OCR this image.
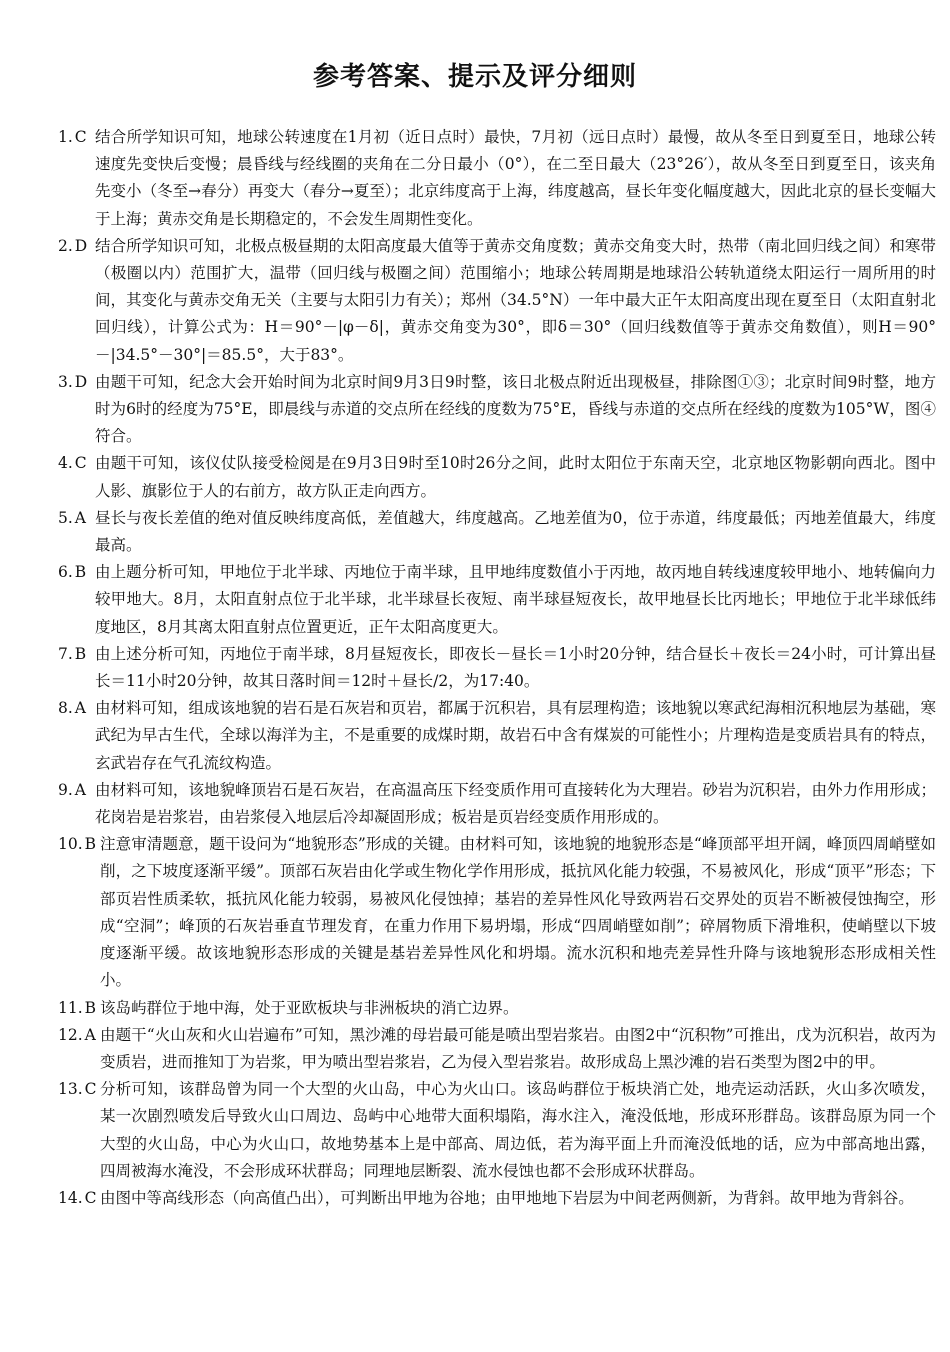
参考答案、提示及评分细则

1. C 结合所学知识可知，地球公转速度在1月初（近日点时）最快，7月初（远日点时）最慢，故从冬至日到夏至日，地球公转速度先变快后变慢；晨昏线与经线圈的夹角在二分日最小（0°），在二至日最大（23°26′），故从冬至日到夏至日，该夹角先变小（冬至→春分）再变大（春分→夏至）；北京纬度高于上海，纬度越高，昼长年变化幅度越大，因此北京的昼长变幅大于上海；黄赤交角是长期稳定的，不会发生周期性变化。

2. D 结合所学知识可知，北极点极昼期的太阳高度最大值等于黄赤交角度数；黄赤交角变大时，热带（南北回归线之间）和寒带（极圈以内）范围扩大，温带（回归线与极圈之间）范围缩小；地球公转周期是地球沿公转轨道绕太阳运行一周所用的时间，其变化与黄赤交角无关（主要与太阳引力有关）；郑州（34.5°N）一年中最大正午太阳高度出现在夏至日（太阳直射北回归线），计算公式为：H＝90°－|φ－δ|，黄赤交角变为30°，即δ＝30°（回归线数值等于黄赤交角数值），则H＝90°－|34.5°－30°|＝85.5°，大于83°。

3. D 由题干可知，纪念大会开始时间为北京时间9月3日9时整，该日北极点附近出现极昼，排除图①③；北京时间9时整，地方时为6时的经度为75°E，即晨线与赤道的交点所在经线的度数为75°E，昏线与赤道的交点所在经线的度数为105°W，图④符合。

4. C 由题干可知，该仪仗队接受检阅是在9月3日9时至10时26分之间，此时太阳位于东南天空，北京地区物影朝向西北。图中人影、旗影位于人的右前方，故方队正走向西方。

5. A 昼长与夜长差值的绝对值反映纬度高低，差值越大，纬度越高。乙地差值为0，位于赤道，纬度最低；丙地差值最大，纬度最高。

6. B 由上题分析可知，甲地位于北半球、丙地位于南半球，且甲地纬度数值小于丙地，故丙地自转线速度较甲地小、地转偏向力较甲地大。8月，太阳直射点位于北半球，北半球昼长夜短、南半球昼短夜长，故甲地昼长比丙地长；甲地位于北半球低纬度地区，8月其离太阳直射点位置更近，正午太阳高度更大。

7. B 由上述分析可知，丙地位于南半球，8月昼短夜长，即夜长－昼长＝1小时20分钟，结合昼长＋夜长＝24小时，可计算出昼长＝11小时20分钟，故其日落时间＝12时＋昼长/2，为17:40。

8. A 由材料可知，组成该地貌的岩石是石灰岩和页岩，都属于沉积岩，具有层理构造；该地貌以寒武纪海相沉积地层为基础，寒武纪为早古生代，全球以海洋为主，不是重要的成煤时期，故岩石中含有煤炭的可能性小；片理构造是变质岩具有的特点，玄武岩存在气孔流纹构造。

9. A 由材料可知，该地貌峰顶岩石是石灰岩，在高温高压下经变质作用可直接转化为大理岩。砂岩为沉积岩，由外力作用形成；花岗岩是岩浆岩，由岩浆侵入地层后冷却凝固形成；板岩是页岩经变质作用形成的。

10. B 注意审清题意，题干设问为“地貌形态”形成的关键。由材料可知，该地貌的地貌形态是“峰顶部平坦开阔，峰顶四周峭壁如削，之下坡度逐渐平缓”。顶部石灰岩由化学或生物化学作用形成，抵抗风化能力较强，不易被风化，形成“顶平”形态；下部页岩性质柔软，抵抗风化能力较弱，易被风化侵蚀掉；基岩的差异性风化导致两岩石交界处的页岩不断被侵蚀掏空，形成“空洞”；峰顶的石灰岩垂直节理发育，在重力作用下易坍塌，形成“四周峭壁如削”；碎屑物质下滑堆积，使峭壁以下坡度逐渐平缓。故该地貌形态形成的关键是基岩差异性风化和坍塌。流水沉积和地壳差异性升降与该地貌形态形成相关性小。

11. B 该岛屿群位于地中海，处于亚欧板块与非洲板块的消亡边界。

12. A 由题干“火山灰和火山岩遍布”可知，黑沙滩的母岩最可能是喷出型岩浆岩。由图2中“沉积物”可推出，戊为沉积岩，故丙为变质岩，进而推知丁为岩浆，甲为喷出型岩浆岩，乙为侵入型岩浆岩。故形成岛上黑沙滩的岩石类型为图2中的甲。

13. C 分析可知，该群岛曾为同一个大型的火山岛，中心为火山口。该岛屿群位于板块消亡处，地壳运动活跃，火山多次喷发，某一次剧烈喷发后导致火山口周边、岛屿中心地带大面积塌陷，海水注入，淹没低地，形成环形群岛。该群岛原为同一个大型的火山岛，中心为火山口，故地势基本上是中部高、周边低，若为海平面上升而淹没低地的话，应为中部高地出露，四周被海水淹没，不会形成环状群岛；同理地层断裂、流水侵蚀也都不会形成环状群岛。

14. C 由图中等高线形态（向高值凸出），可判断出甲地为谷地；由甲地地下岩层为中间老两侧新，为背斜。故甲地为背斜谷。
